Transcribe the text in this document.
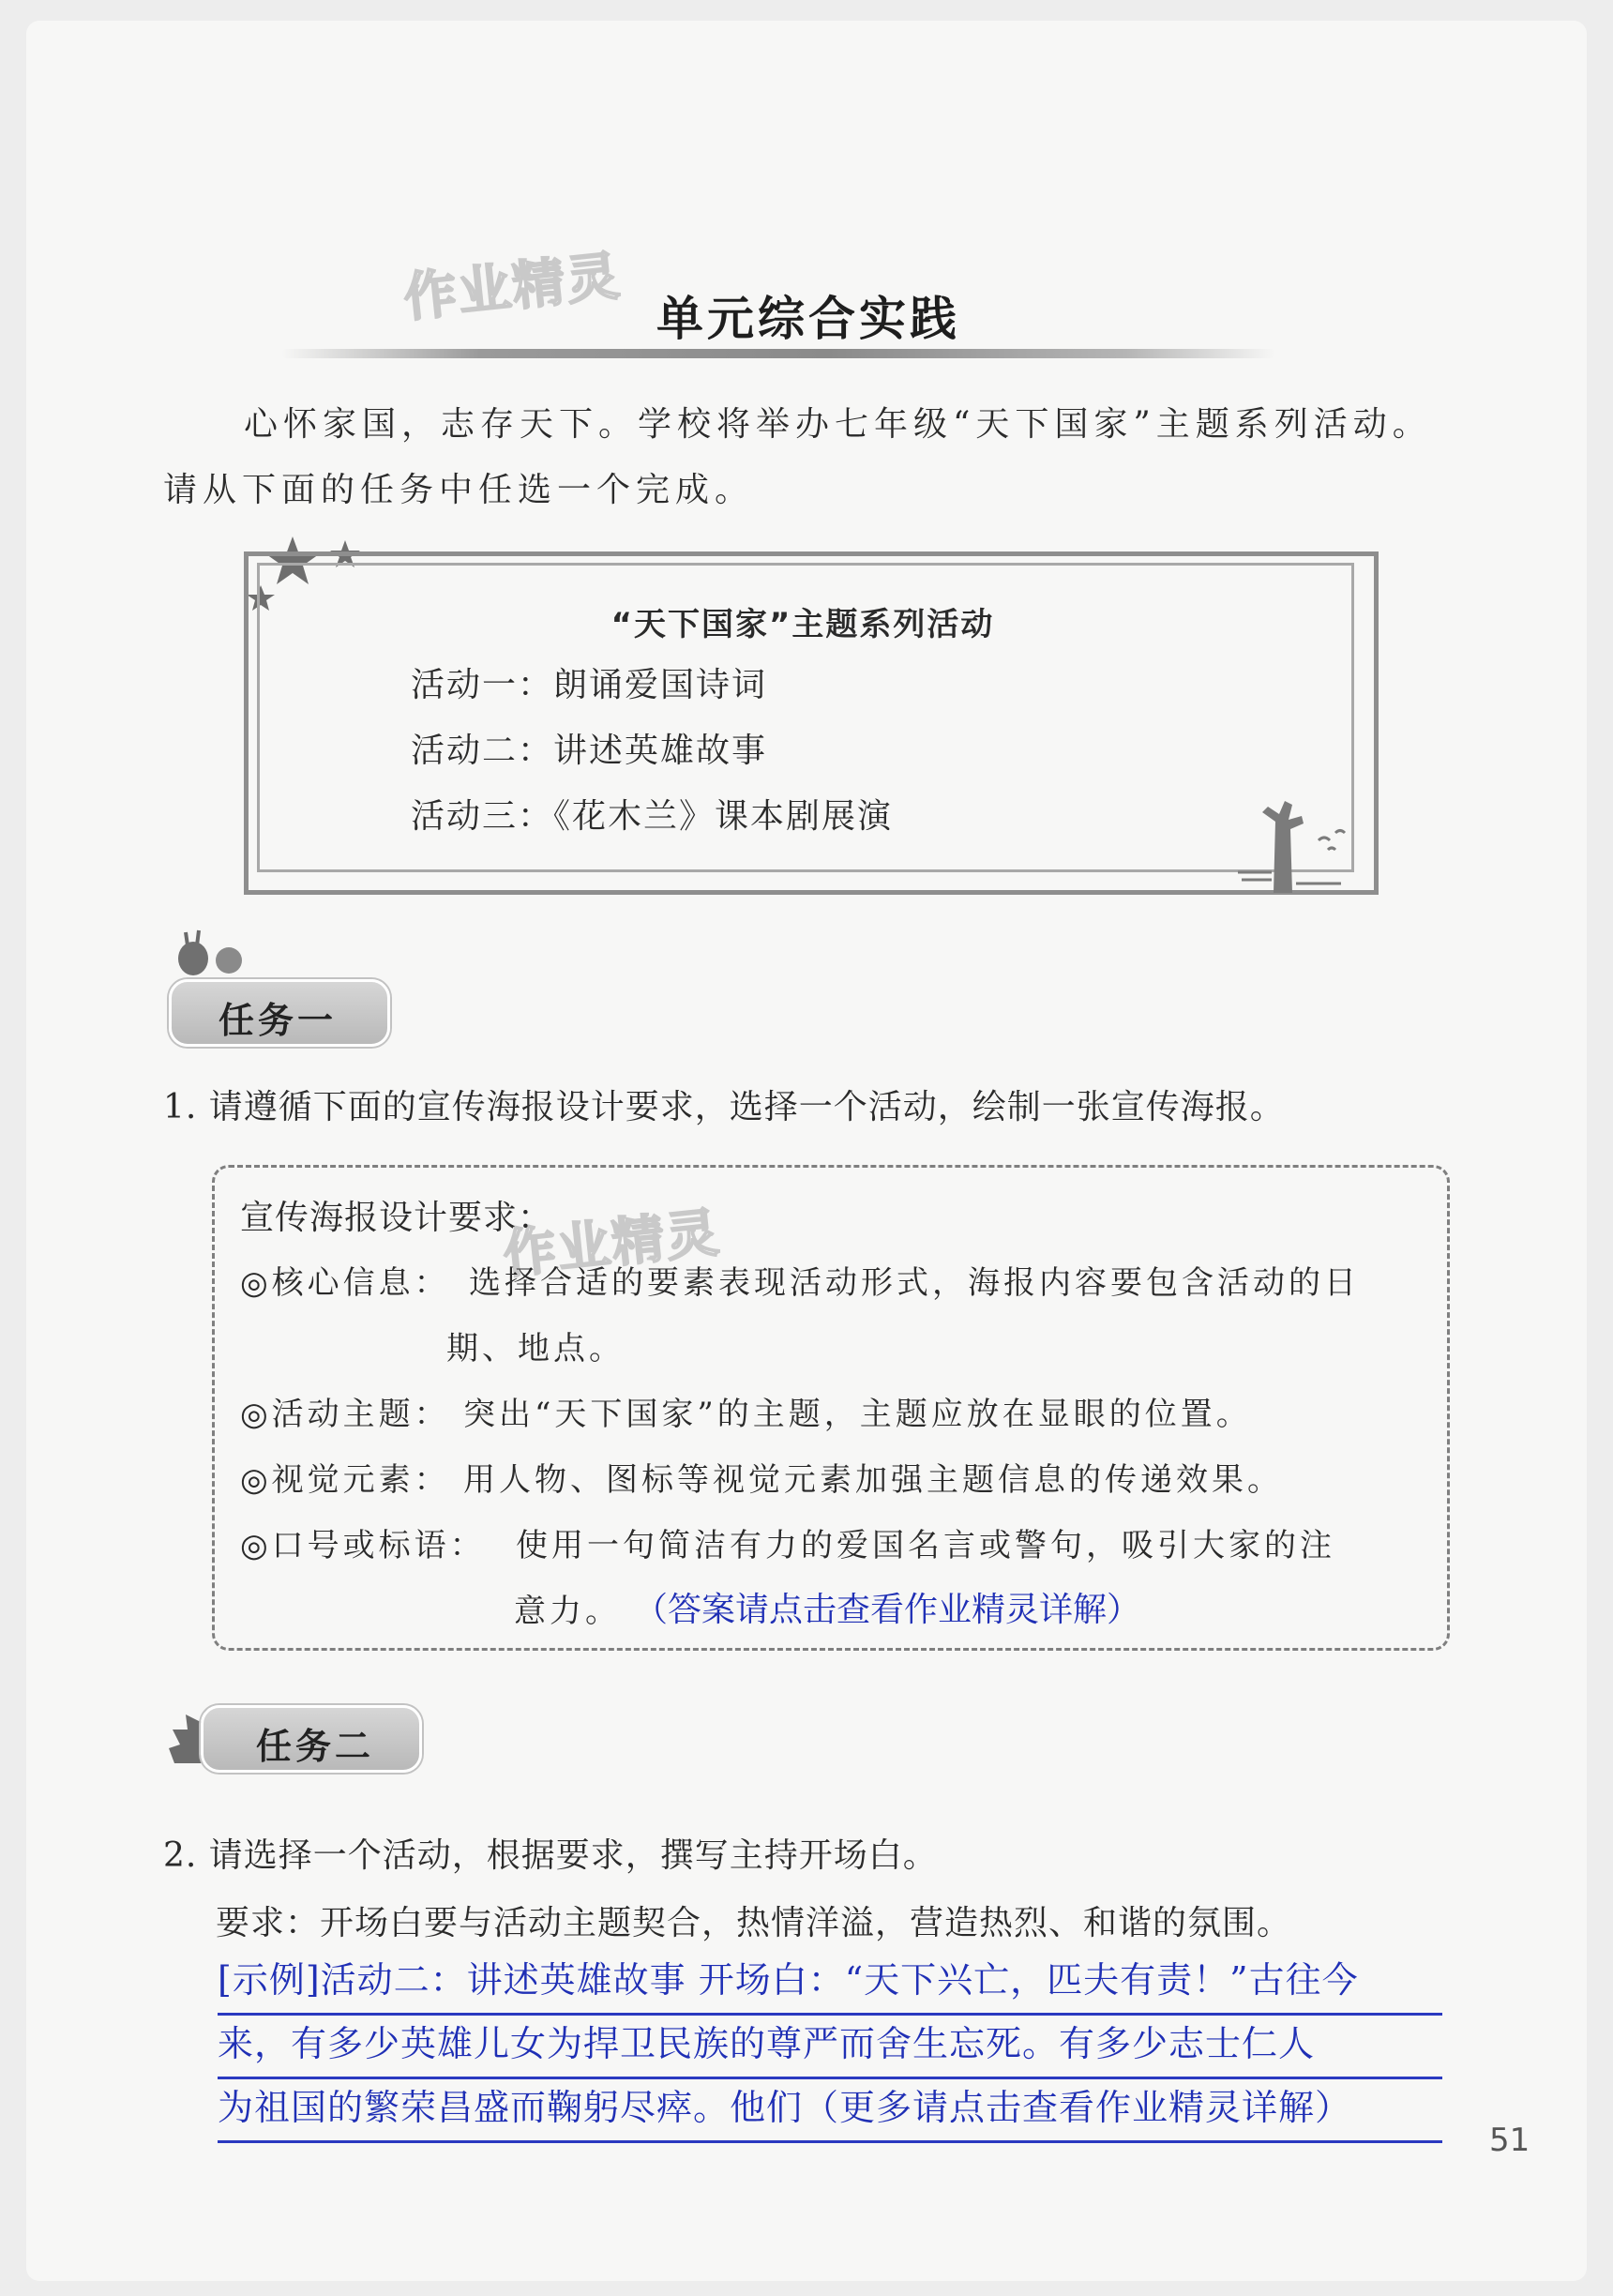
作业精灵
作业精灵
单元综合实践
心怀家国，志存天下。学校将举办七年级“天下国家”主题系列活动。请从下面的任务中任选一个完成。
“天下国家”主题系列活动
活动一：朗诵爱国诗词
活动二：讲述英雄故事
活动三：《花木兰》课本剧展演
任务一
1. 请遵循下面的宣传海报设计要求，选择一个活动，绘制一张宣传海报。
宣传海报设计要求：
◎核心信息： 选择合适的要素表现活动形式，海报内容要包含活动的日
期、地点。
◎活动主题： 突出“天下国家”的主题，主题应放在显眼的位置。
◎视觉元素： 用人物、图标等视觉元素加强主题信息的传递效果。
◎口号或标语： 使用一句简洁有力的爱国名言或警句，吸引大家的注
意力。 （答案请点击查看作业精灵详解）
任务二
2. 请选择一个活动，根据要求，撰写主持开场白。
要求：开场白要与活动主题契合，热情洋溢，营造热烈、和谐的氛围。
[示例]活动二：讲述英雄故事 开场白：“天下兴亡，匹夫有责！”古往今
来，有多少英雄儿女为捍卫民族的尊严而舍生忘死。有多少志士仁人
为祖国的繁荣昌盛而鞠躬尽瘁。他们（更多请点击查看作业精灵详解）
51
